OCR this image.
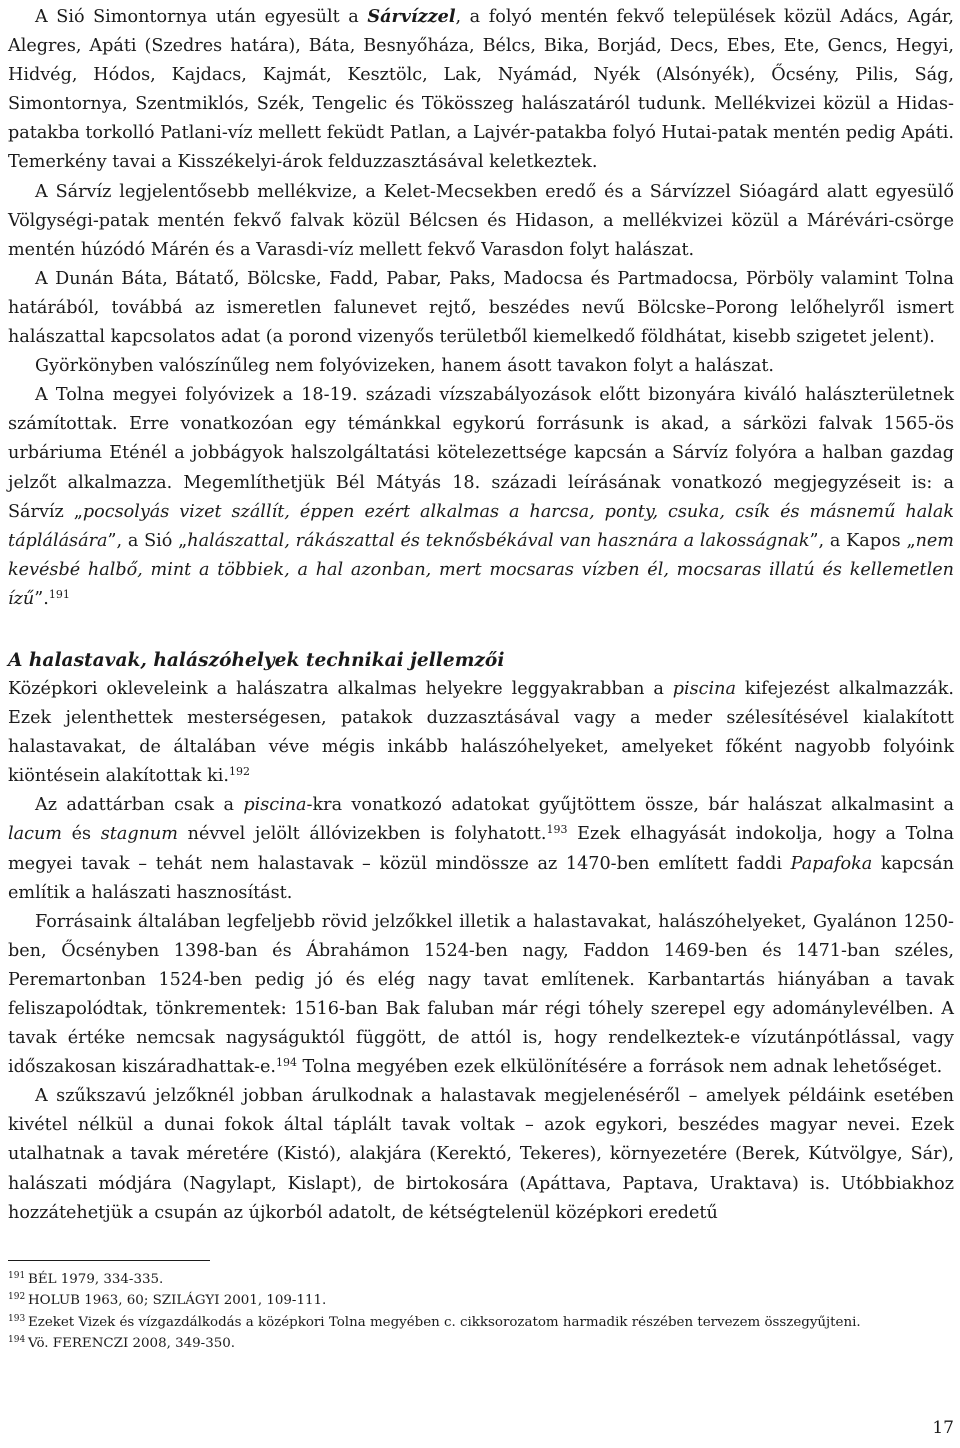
A Sió Simontornya után egyesült a Sárvízzel, a folyó mentén fekvő települések közül Adács, Agár, Alegres, Apáti (Szedres határa), Báta, Besnyőháza, Bélcs, Bika, Borjád, Decs, Ebes, Ete, Gencs, Hegyi, Hidvég, Hódos, Kajdacs, Kajmát, Kesztölc, Lak, Nyámád, Nyék (Alsónyék), Őcsény, Pilis, Ság, Simontornya, Szentmiklós, Szék, Tengelic és Tökösszeg halászatáról tudunk. Mellékvizei közül a Hidas-patakba torkolló Patlani-víz mellett feküdt Patlan, a Lajvér-patakba folyó Hutai-patak mentén pedig Apáti. Temerkény tavai a Kisszékelyi-árok felduzzasztásával keletkeztek.

A Sárvíz legjelentősebb mellékvize, a Kelet-Mecsekben eredő és a Sárvízzel Sióagárd alatt egyesülő Völgységi-patak mentén fekvő falvak közül Bélcsen és Hidason, a mellékvizei közül a Márévári-csörge mentén húzódó Márén és a Varasdi-víz mellett fekvő Varasdon folyt halászat.

A Dunán Báta, Bátatő, Bölcske, Fadd, Pabar, Paks, Madocsa és Partmadocsa, Pörböly valamint Tolna határából, továbbá az ismeretlen falunevet rejtő, beszédes nevű Bölcske–Porong lelőhelyről ismert halászattal kapcsolatos adat (a porond vizenyős területből kiemelkedő földhátat, kisebb szigetet jelent).

Györkönyben valószínűleg nem folyóvizeken, hanem ásott tavakon folyt a halászat.

A Tolna megyei folyóvizek a 18-19. századi vízszabályozások előtt bizonyára kiváló halászterületnek számítottak. Erre vonatkozóan egy témánkkal egykorú forrásunk is akad, a sárközi falvak 1565-ös urbáriuma Eténél a jobbágyok halszolgáltatási kötelezettsége kapcsán a Sárvíz folyóra a halban gazdag jelzőt alkalmazza. Megemlíthetjük Bél Mátyás 18. századi leírásának vonatkozó megjegyzéseit is: a Sárvíz „pocsolyás vizet szállít, éppen ezért alkalmas a harcsa, ponty, csuka, csík és másnemű halak táplálására”, a Sió „halászattal, rákászattal és teknősbékával van hasznára a lakosságnak”, a Kapos „nem kevésbé halbő, mint a többiek, a hal azonban, mert mocsaras vízben él, mocsaras illatú és kellemetlen ízű”.$^{191}$

A halastavak, halászóhelyek technikai jellemzői

Középkori okleveleink a halászatra alkalmas helyekre leggyakrabban a piscina kifejezést alkalmazzák. Ezek jelenthettek mesterségesen, patakok duzzasztásával vagy a meder szélesítésével kialakított halastavakat, de általában véve mégis inkább halászóhelyeket, amelyeket főként nagyobb folyóink kiöntésein alakítottak ki.$^{192}$

Az adattárban csak a piscina-kra vonatkozó adatokat gyűjtöttem össze, bár halászat alkalmasint a lacum és stagnum névvel jelölt állóvizekben is folyhatott.$^{193}$ Ezek elhagyását indokolja, hogy a Tolna megyei tavak – tehát nem halastavak – közül mindössze az 1470-ben említett faddi Papafoka kapcsán említik a halászati hasznosítást.

Forrásaink általában legfeljebb rövid jelzőkkel illetik a halastavakat, halászóhelyeket, Gyalánon 1250-ben, Őcsényben 1398-ban és Ábrahámon 1524-ben nagy, Faddon 1469-ben és 1471-ban széles, Peremartonban 1524-ben pedig jó és elég nagy tavat említenek. Karbantartás hiányában a tavak feliszapolódtak, tönkrementek: 1516-ban Bak faluban már régi tóhely szerepel egy adománylevélben. A tavak értéke nemcsak nagyságuktól függött, de attól is, hogy rendelkeztek-e vízutánpótlással, vagy időszakosan kiszáradhattak-e.$^{194}$ Tolna megyében ezek elkülönítésére a források nem adnak lehetőséget.

A szűkszavú jelzőknél jobban árulkodnak a halastavak megjelenéséről – amelyek példáink esetében kivétel nélkül a dunai fokok által táplált tavak voltak – azok egykori, beszédes magyar nevei. Ezek utalhatnak a tavak méretére (Kistó), alakjára (Kerektó, Tekeres), környezetére (Berek, Kútvölgye, Sár), halászati módjára (Nagylapt, Kislapt), de birtokosára (Apáttava, Paptava, Uraktava) is. Utóbbiakhoz hozzátehetjük a csupán az újkorból adatolt, de kétségtelenül középkori eredetű

191 BÉL 1979, 334-335.
192 HOLUB 1963, 60; SZILÁGYI 2001, 109-111.
193 Ezeket Vizek és vízgazdálkodás a középkori Tolna megyében c. cikksorozatom harmadik részében tervezem összegyűjteni.
194 Vö. FERENCZI 2008, 349-350.
17
